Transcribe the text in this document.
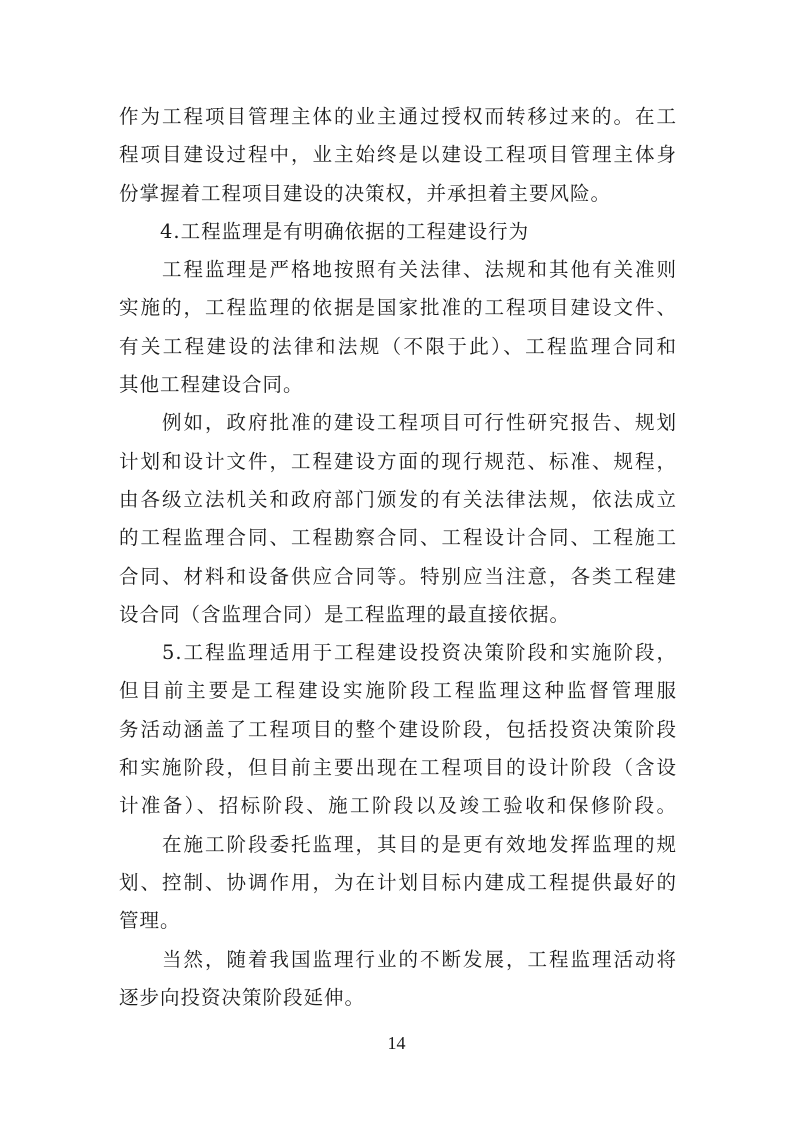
作为工程项目管理主体的业主通过授权而转移过来的。在工
程项目建设过程中，业主始终是以建设工程项目管理主体身
份掌握着工程项目建设的决策权，并承担着主要风险。
　　4.工程监理是有明确依据的工程建设行为
　　工程监理是严格地按照有关法律、法规和其他有关准则
实施的，工程监理的依据是国家批准的工程项目建设文件、
有关工程建设的法律和法规（不限于此）、工程监理合同和
其他工程建设合同。
　　例如，政府批准的建设工程项目可行性研究报告、规划
计划和设计文件，工程建设方面的现行规范、标准、规程，
由各级立法机关和政府部门颁发的有关法律法规，依法成立
的工程监理合同、工程勘察合同、工程设计合同、工程施工
合同、材料和设备供应合同等。特别应当注意，各类工程建
设合同（含监理合同）是工程监理的最直接依据。
　　5.工程监理适用于工程建设投资决策阶段和实施阶段，
但目前主要是工程建设实施阶段工程监理这种监督管理服
务活动涵盖了工程项目的整个建设阶段，包括投资决策阶段
和实施阶段，但目前主要出现在工程项目的设计阶段（含设
计准备）、招标阶段、施工阶段以及竣工验收和保修阶段。
　　在施工阶段委托监理，其目的是更有效地发挥监理的规
划、控制、协调作用，为在计划目标内建成工程提供最好的
管理。
　　当然，随着我国监理行业的不断发展，工程监理活动将
逐步向投资决策阶段延伸。
14
